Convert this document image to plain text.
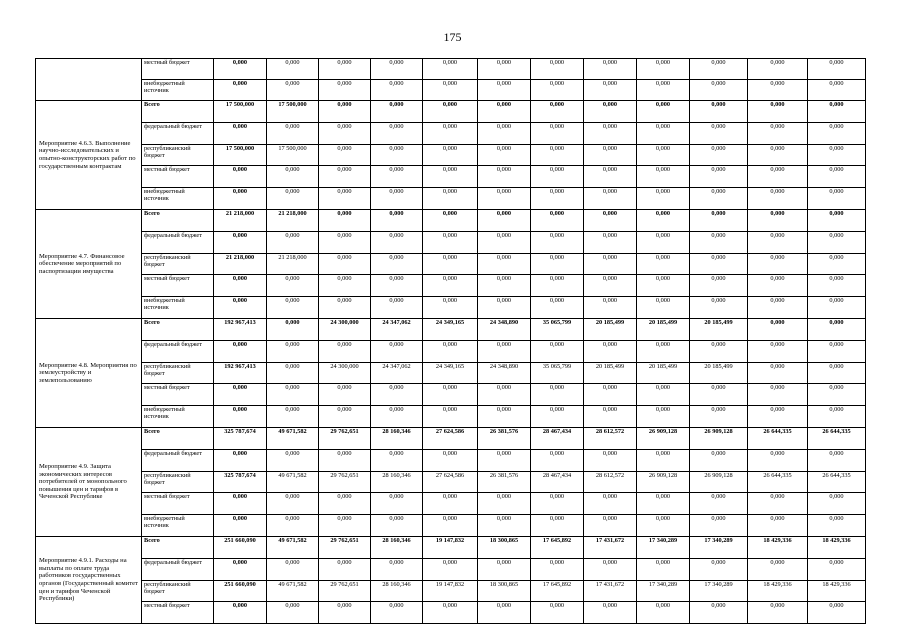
175
	местный бюджет	0,000	0,000	0,000	0,000	0,000	0,000	0,000	0,000	0,000	0,000	0,000	0,000
	внебюджетный источник	0,000	0,000	0,000	0,000	0,000	0,000	0,000	0,000	0,000	0,000	0,000	0,000
Мероприятие 4.6.3. Выполнение научно-исследовательских и опытно-конструкторских работ по государственным контрактам	Всего	17 500,000	17 500,000	0,000	0,000	0,000	0,000	0,000	0,000	0,000	0,000	0,000	0,000
	федеральный бюджет	0,000	0,000	0,000	0,000	0,000	0,000	0,000	0,000	0,000	0,000	0,000	0,000
	республиканский бюджет	17 500,000	17 500,000	0,000	0,000	0,000	0,000	0,000	0,000	0,000	0,000	0,000	0,000
	местный бюджет	0,000	0,000	0,000	0,000	0,000	0,000	0,000	0,000	0,000	0,000	0,000	0,000
	внебюджетный источник	0,000	0,000	0,000	0,000	0,000	0,000	0,000	0,000	0,000	0,000	0,000	0,000
Мероприятие 4.7. Финансовое обеспечение мероприятий по паспортизации имущества	Всего	21 218,000	21 218,000	0,000	0,000	0,000	0,000	0,000	0,000	0,000	0,000	0,000	0,000
	федеральный бюджет	0,000	0,000	0,000	0,000	0,000	0,000	0,000	0,000	0,000	0,000	0,000	0,000
	республиканский бюджет	21 218,000	21 218,000	0,000	0,000	0,000	0,000	0,000	0,000	0,000	0,000	0,000	0,000
	местный бюджет	0,000	0,000	0,000	0,000	0,000	0,000	0,000	0,000	0,000	0,000	0,000	0,000
	внебюджетный источник	0,000	0,000	0,000	0,000	0,000	0,000	0,000	0,000	0,000	0,000	0,000	0,000
Мероприятие 4.8. Мероприятия по землеустройству и землепользованию	Всего	192 967,413	0,000	24 300,000	24 347,062	24 349,165	24 348,890	35 065,799	20 185,499	20 185,499	20 185,499	0,000	0,000
	федеральный бюджет	0,000	0,000	0,000	0,000	0,000	0,000	0,000	0,000	0,000	0,000	0,000	0,000
	республиканский бюджет	192 967,413	0,000	24 300,000	24 347,062	24 349,165	24 348,890	35 065,799	20 185,499	20 185,499	20 185,499	0,000	0,000
	местный бюджет	0,000	0,000	0,000	0,000	0,000	0,000	0,000	0,000	0,000	0,000	0,000	0,000
	внебюджетный источник	0,000	0,000	0,000	0,000	0,000	0,000	0,000	0,000	0,000	0,000	0,000	0,000
Мероприятие 4.9. Защита экономических интересов потребителей от монопольного повышения цен и тарифов в Чеченской Республике	Всего	325 787,674	49 671,582	29 762,651	28 160,346	27 624,586	26 381,576	28 467,434	28 612,572	26 909,128	26 909,128	26 644,335	26 644,335
	федеральный бюджет	0,000	0,000	0,000	0,000	0,000	0,000	0,000	0,000	0,000	0,000	0,000	0,000
	республиканский бюджет	325 787,674	49 671,582	29 762,651	28 160,346	27 624,586	26 381,576	28 467,434	28 612,572	26 909,128	26 909,128	26 644,335	26 644,335
	местный бюджет	0,000	0,000	0,000	0,000	0,000	0,000	0,000	0,000	0,000	0,000	0,000	0,000
	внебюджетный источник	0,000	0,000	0,000	0,000	0,000	0,000	0,000	0,000	0,000	0,000	0,000	0,000
Мероприятие 4.9.1. Расходы на выплаты по оплате труда работников государственных органов (Государственный комитет цен и тарифов Чеченской Республики)	Всего	251 660,090	49 671,582	29 762,651	28 160,346	19 147,832	18 300,865	17 645,892	17 431,672	17 340,289	17 340,289	18 429,336	18 429,336
	федеральный бюджет	0,000	0,000	0,000	0,000	0,000	0,000	0,000	0,000	0,000	0,000	0,000	0,000
	республиканский бюджет	251 660,090	49 671,582	29 762,651	28 160,346	19 147,832	18 300,865	17 645,892	17 431,672	17 340,289	17 340,289	18 429,336	18 429,336
	местный бюджет	0,000	0,000	0,000	0,000	0,000	0,000	0,000	0,000	0,000	0,000	0,000	0,000
